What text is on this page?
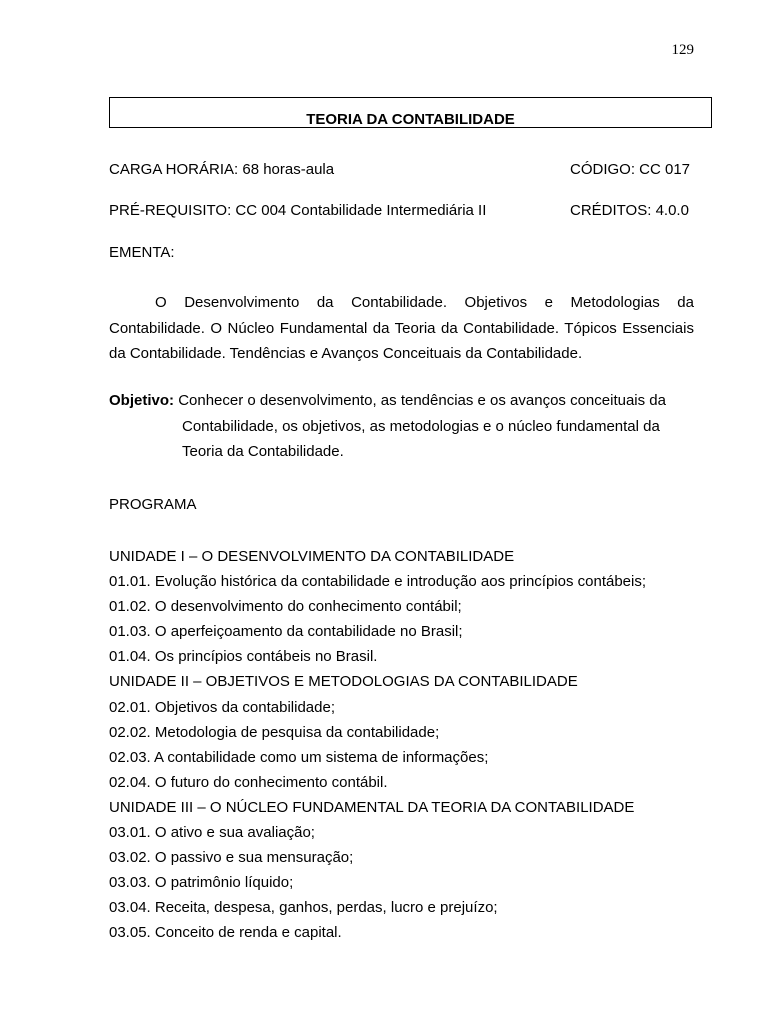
129
TEORIA DA CONTABILIDADE
CARGA HORÁRIA: 68 horas-aula	CÓDIGO: CC 017
PRÉ-REQUISITO: CC 004 Contabilidade Intermediária II	CRÉDITOS: 4.0.0
EMENTA:
O Desenvolvimento da Contabilidade. Objetivos e Metodologias da Contabilidade. O Núcleo Fundamental da Teoria da Contabilidade. Tópicos Essenciais da Contabilidade. Tendências e Avanços Conceituais da Contabilidade.
Objetivo: Conhecer o desenvolvimento, as tendências e os avanços conceituais da
Contabilidade, os objetivos, as metodologias e o núcleo fundamental da
Teoria da Contabilidade.
PROGRAMA
UNIDADE I – O DESENVOLVIMENTO DA CONTABILIDADE
01.01. Evolução histórica da contabilidade e introdução aos princípios contábeis;
01.02. O desenvolvimento do conhecimento contábil;
01.03. O aperfeiçoamento da contabilidade no Brasil;
01.04. Os princípios contábeis no Brasil.
UNIDADE II – OBJETIVOS E METODOLOGIAS DA CONTABILIDADE
02.01. Objetivos da contabilidade;
02.02. Metodologia de pesquisa da contabilidade;
02.03. A contabilidade como um sistema de informações;
02.04. O futuro do conhecimento contábil.
UNIDADE III – O NÚCLEO FUNDAMENTAL DA TEORIA DA CONTABILIDADE
03.01. O ativo e sua avaliação;
03.02. O passivo e sua mensuração;
03.03. O patrimônio líquido;
03.04. Receita, despesa, ganhos, perdas, lucro e prejuízo;
03.05. Conceito de renda e capital.
